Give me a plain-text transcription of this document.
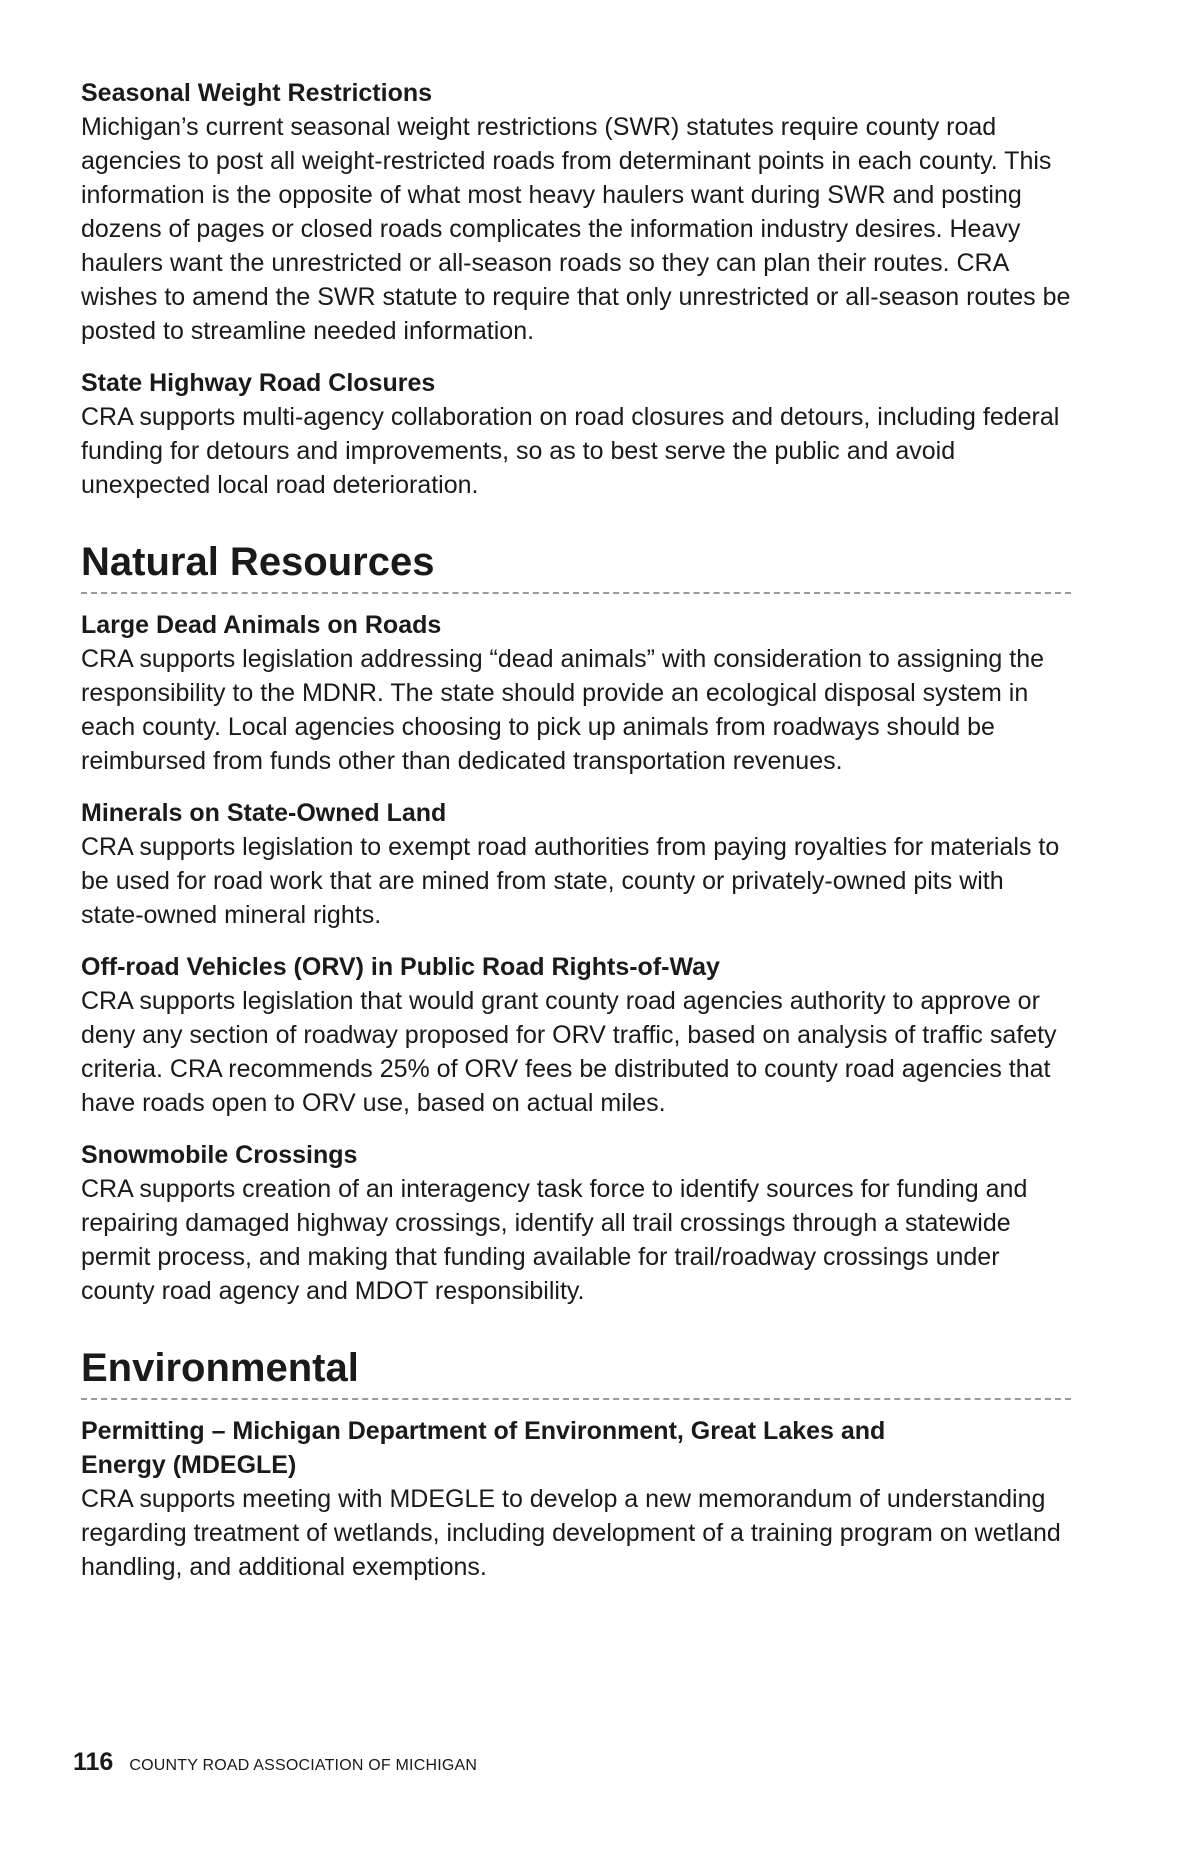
Seasonal Weight Restrictions

Michigan’s current seasonal weight restrictions (SWR) statutes require county road agencies to post all weight-restricted roads from determinant points in each county. This information is the opposite of what most heavy haulers want during SWR and posting dozens of pages or closed roads complicates the information industry desires. Heavy haulers want the unrestricted or all-season roads so they can plan their routes. CRA wishes to amend the SWR statute to require that only unrestricted or all-season routes be posted to streamline needed information.

State Highway Road Closures

CRA supports multi-agency collaboration on road closures and detours, including federal funding for detours and improvements, so as to best serve the public and avoid unexpected local road deterioration.

Natural Resources

Large Dead Animals on Roads

CRA supports legislation addressing “dead animals” with consideration to assigning the responsibility to the MDNR. The state should provide an ecological disposal system in each county. Local agencies choosing to pick up animals from roadways should be reimbursed from funds other than dedicated transportation revenues.

Minerals on State-Owned Land

CRA supports legislation to exempt road authorities from paying royalties for materials to be used for road work that are mined from state, county or privately-owned pits with state-owned mineral rights.

Off-road Vehicles (ORV) in Public Road Rights-of-Way

CRA supports legislation that would grant county road agencies authority to approve or deny any section of roadway proposed for ORV traffic, based on analysis of traffic safety criteria. CRA recommends 25% of ORV fees be distributed to county road agencies that have roads open to ORV use, based on actual miles.

Snowmobile Crossings

CRA supports creation of an interagency task force to identify sources for funding and repairing damaged highway crossings, identify all trail crossings through a statewide permit process, and making that funding available for trail/roadway crossings under county road agency and MDOT responsibility.

Environmental

Permitting – Michigan Department of Environment, Great Lakes and Energy (MDEGLE)

CRA supports meeting with MDEGLE to develop a new memorandum of understanding regarding treatment of wetlands, including development of a training program on wetland handling, and additional exemptions.

116 COUNTY ROAD ASSOCIATION OF MICHIGAN
